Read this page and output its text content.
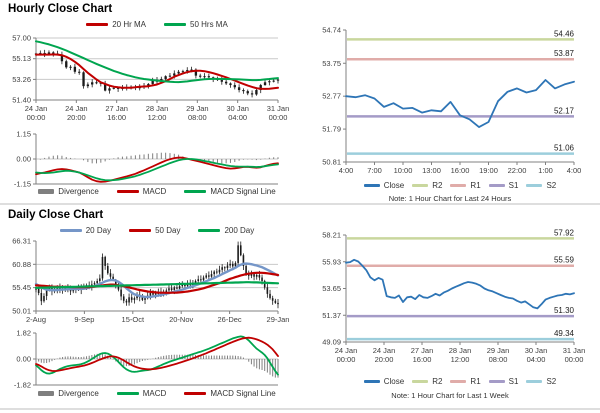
Hourly Close Chart
20 Hr MA	50 Hrs MA
57.00
55.13
53.26
51.40
24 Jan
00:00
24 Jan
20:00
27 Jan
16:00
28 Jan
12:00
29 Jan
08:00
30 Jan
04:00
31 Jan
00:00
1.15
0.00
-1.15
Divergence	MACD	MACD Signal Line
54.74
53.75
52.77
51.79
50.81
4:00 7:00 10:00 13:00 16:00 19:00 22:00 1:00 4:00
54.46
53.87
52.17
51.06
Close	R2	R1	S1	S2
Note: 1 Hour Chart for Last 24 Hours
Daily Close Chart
20 Day	50 Day	200 Day
66.31
60.88
55.45
50.01
2-Aug	9-Sep	15-Oct	20-Nov	26-Dec	29-Jan
1.82
0.00
-1.82
Divergence	MACD	MACD Signal Line
58.21
55.93
53.65
51.37
49.09
24 Jan
00:00
24 Jan
20:00
27 Jan
16:00
28 Jan
12:00
29 Jan
08:00
30 Jan
04:00
31 Jan
00:00
57.92
55.59
51.30
49.34
Close	R2	R1	S1	S2
Note: 1 Hour Chart for Last 1 Week
